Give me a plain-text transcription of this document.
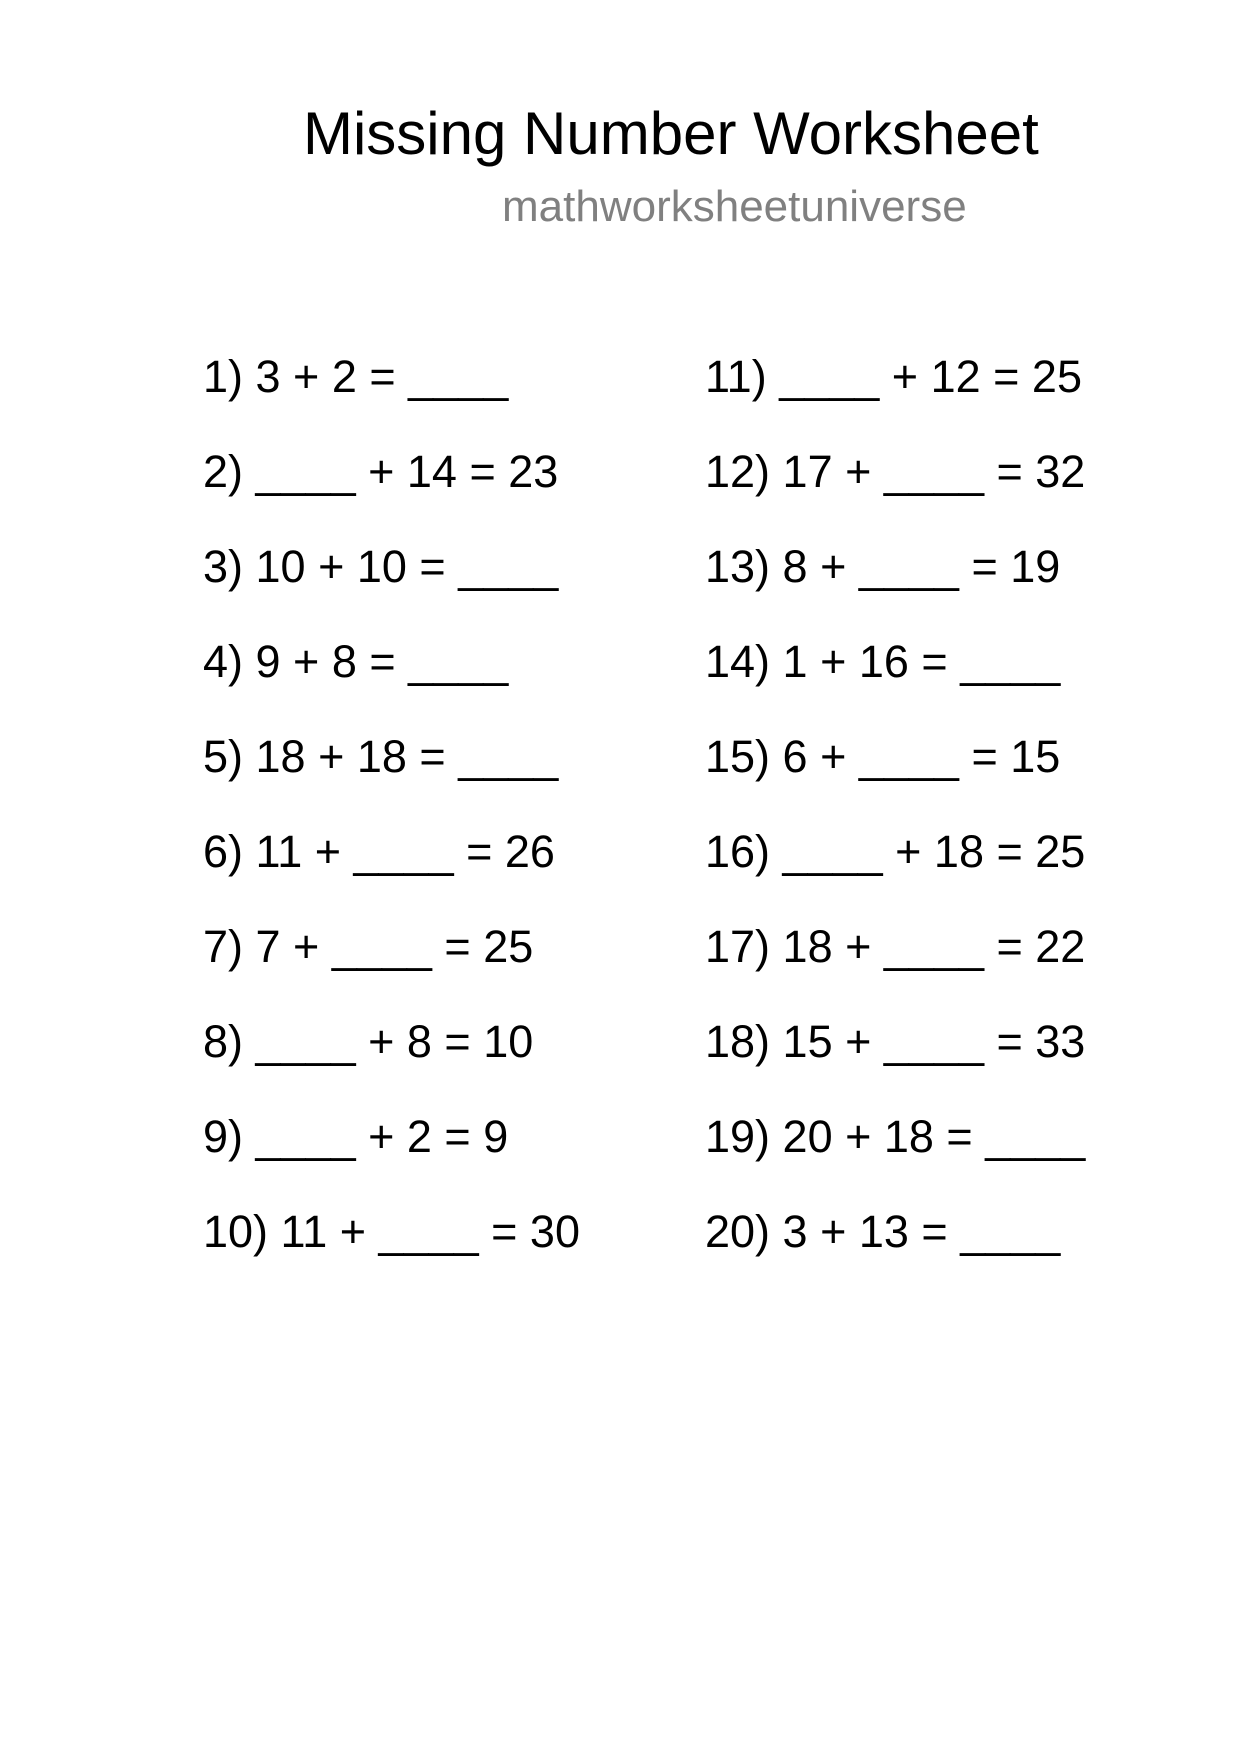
Missing Number Worksheet
mathworksheetuniverse
1) 3 + 2 = ____
2) ____ + 14 = 23
3) 10 + 10 = ____
4) 9 + 8 = ____
5) 18 + 18 = ____
6) 11 + ____ = 26
7) 7 + ____ = 25
8) ____ + 8 = 10
9) ____ + 2 = 9
10) 11 + ____ = 30
11) ____ + 12 = 25
12) 17 + ____ = 32
13) 8 + ____ = 19
14) 1 + 16 = ____
15) 6 + ____ = 15
16) ____ + 18 = 25
17) 18 + ____ = 22
18) 15 + ____ = 33
19) 20 + 18 = ____
20) 3 + 13 = ____
